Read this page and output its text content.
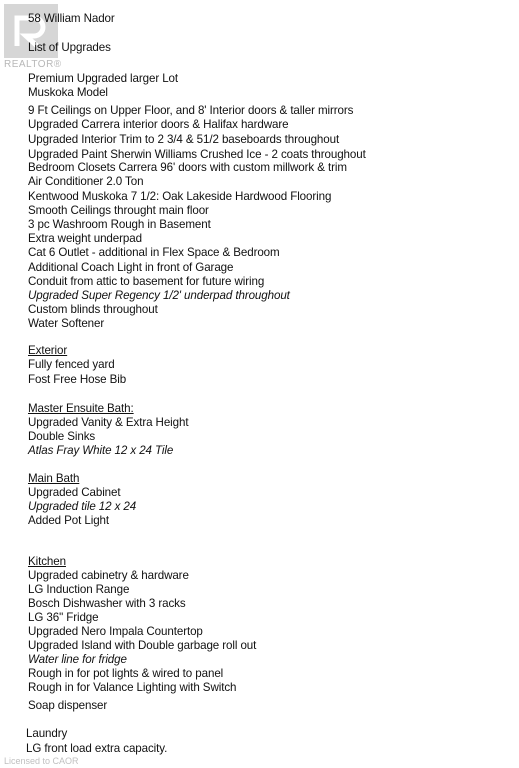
REALTOR®
58 William Nador
List of Upgrades
Premium Upgraded larger Lot
Muskoka Model
9 Ft Ceilings on Upper Floor, and 8' Interior doors & taller mirrors
Upgraded Carrera interior doors & Halifax hardware
Upgraded Interior Trim to 2 3/4 & 51/2 baseboards throughout
Upgraded Paint Sherwin Williams Crushed Ice - 2 coats throughout
Bedroom Closets Carrera 96' doors with custom millwork & trim
Air Conditioner 2.0 Ton
Kentwood Muskoka 7 1/2: Oak Lakeside Hardwood Flooring
Smooth Ceilings throught main floor
3 pc Washroom Rough in Basement
Extra weight underpad
Cat 6 Outlet - additional in Flex Space & Bedroom
Additional Coach Light in front of Garage
Conduit from attic to basement for future wiring
Upgraded Super Regency 1/2' underpad throughout
Custom blinds throughout
Water Softener
Exterior
Fully fenced yard
Fost Free Hose Bib
Master Ensuite Bath:
Upgraded Vanity & Extra Height
Double Sinks
Atlas Fray White 12 x 24 Tile
Main Bath
Upgraded Cabinet
Upgraded tile 12 x 24
Added Pot Light
Kitchen
Upgraded cabinetry & hardware
LG Induction Range
Bosch Dishwasher with 3 racks
LG 36" Fridge
Upgraded Nero Impala Countertop
Upgraded Island with Double garbage roll out
Water line for fridge
Rough in for pot lights & wired to panel
Rough in for Valance Lighting with Switch
Soap dispenser
Laundry
LG front load extra capacity.
Licensed to CAOR
